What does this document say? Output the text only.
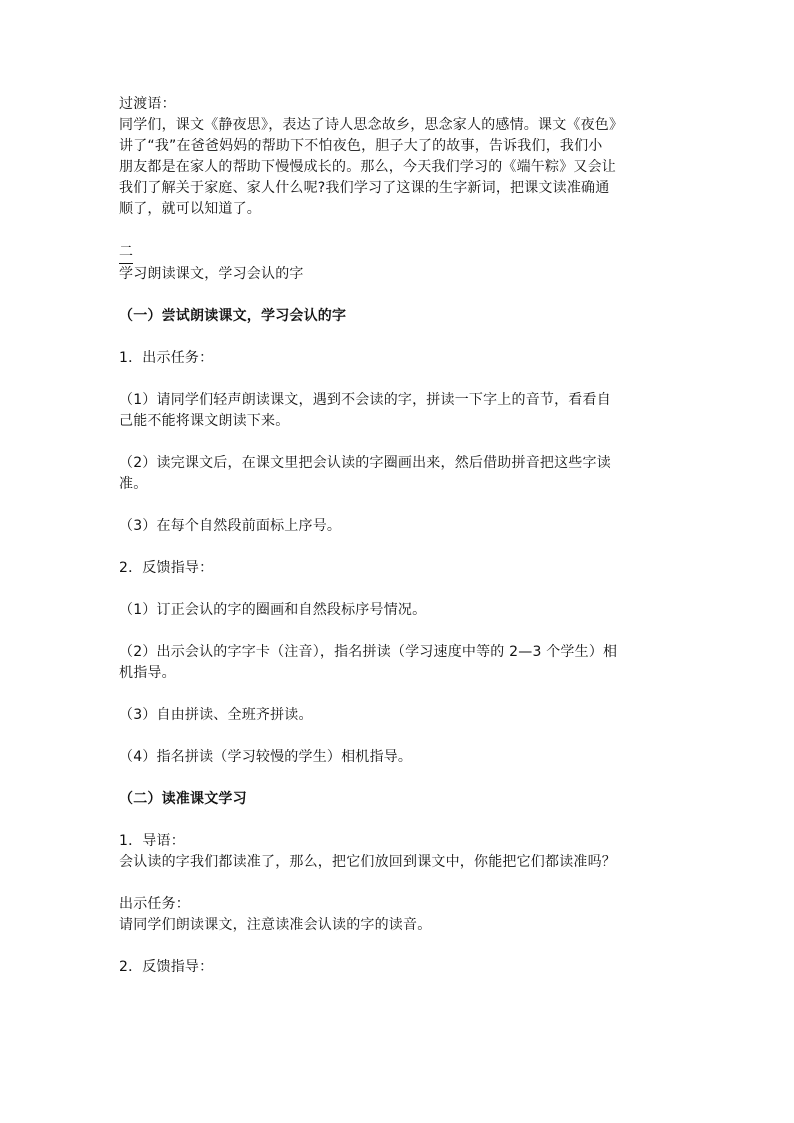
过渡语：
同学们，课文《静夜思》，表达了诗人思念故乡，思念家人的感情。课文《夜色》
讲了“我”在爸爸妈妈的帮助下不怕夜色，胆子大了的故事，告诉我们，我们小
朋友都是在家人的帮助下慢慢成长的。那么，今天我们学习的《端午粽》又会让
我们了解关于家庭、家人什么呢?我们学习了这课的生字新词，把课文读准确通
顺了，就可以知道了。
二
学习朗读课文，学习会认的字
（一）尝试朗读课文，学习会认的字
1．出示任务：
（1）请同学们轻声朗读课文，遇到不会读的字，拼读一下字上的音节，看看自
己能不能将课文朗读下来。
（2）读完课文后，在课文里把会认读的字圈画出来，然后借助拼音把这些字读
准。
（3）在每个自然段前面标上序号。
2．反馈指导：
（1）订正会认的字的圈画和自然段标序号情况。
（2）出示会认的字字卡（注音），指名拼读（学习速度中等的 2—3 个学生）相
机指导。
（3）自由拼读、全班齐拼读。
（4）指名拼读（学习较慢的学生）相机指导。
（二）读准课文学习
1．导语：
会认读的字我们都读准了，那么，把它们放回到课文中，你能把它们都读准吗？
出示任务：
请同学们朗读课文，注意读准会认读的字的读音。
2．反馈指导：
